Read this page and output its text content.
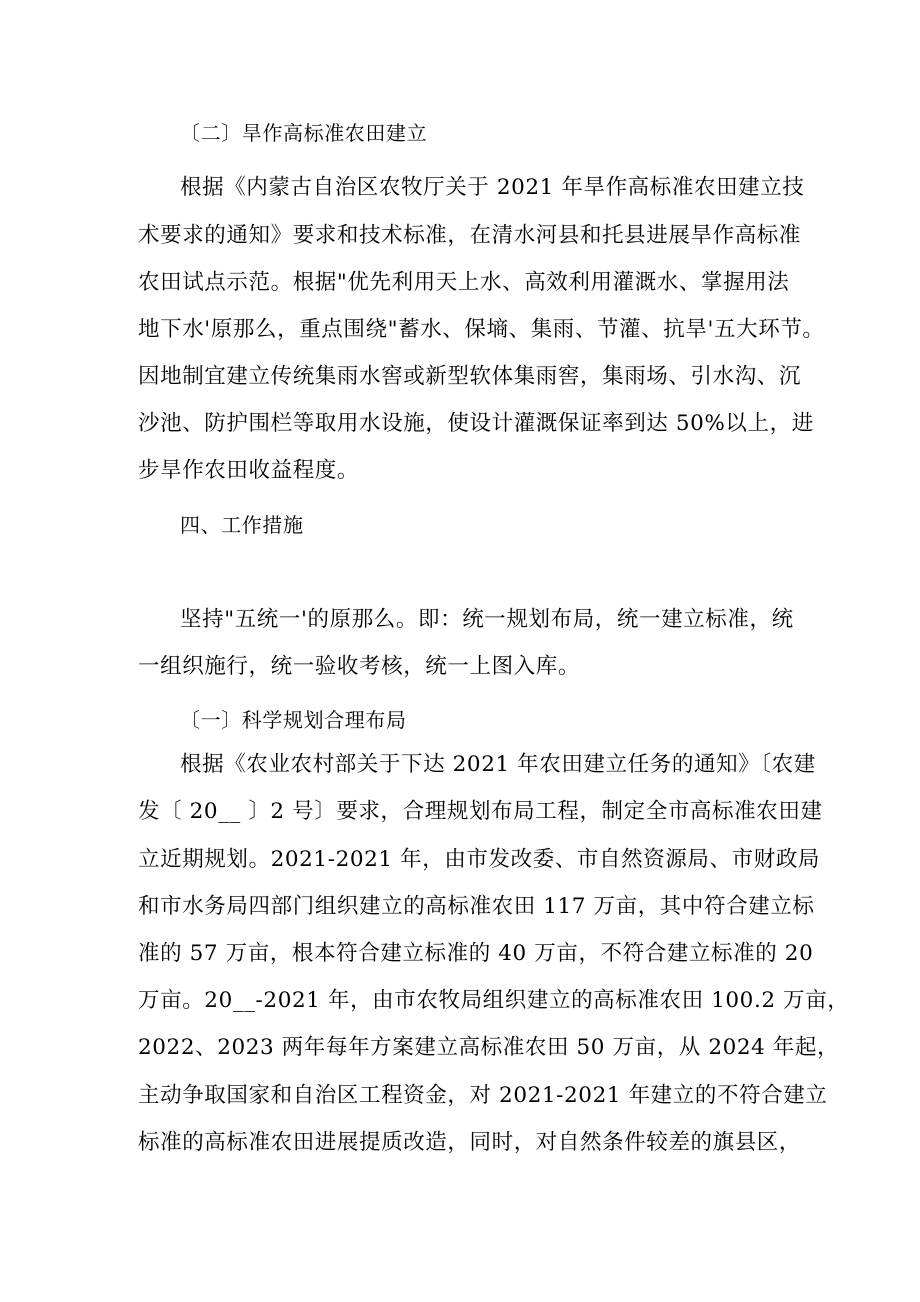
〔二〕旱作高标准农田建立
根据《内蒙古自治区农牧厅关于 2021 年旱作高标准农田建立技
术要求的通知》要求和技术标准，在清水河县和托县进展旱作高标准
农田试点示范。根据"优先利用天上水、高效利用灌溉水、掌握用法
地下水'原那么，重点围绕"蓄水、保墒、集雨、节灌、抗旱'五大环节。
因地制宜建立传统集雨水窖或新型软体集雨窖，集雨场、引水沟、沉
沙池、防护围栏等取用水设施，使设计灌溉保证率到达 50%以上，进
步旱作农田收益程度。
四、工作措施
坚持"五统一'的原那么。即：统一规划布局，统一建立标准，统
一组织施行，统一验收考核，统一上图入库。
〔一〕科学规划合理布局
根据《农业农村部关于下达 2021 年农田建立任务的通知》〔农建
发〔 20__ 〕2 号〕要求，合理规划布局工程，制定全市高标准农田建
立近期规划。2021-2021 年，由市发改委、市自然资源局、市财政局
和市水务局四部门组织建立的高标准农田 117 万亩，其中符合建立标
准的 57 万亩，根本符合建立标准的 40 万亩，不符合建立标准的 20
万亩。20__-2021 年，由市农牧局组织建立的高标准农田 100.2 万亩，
2022、2023 两年每年方案建立高标准农田 50 万亩，从 2024 年起，
主动争取国家和自治区工程资金，对 2021-2021 年建立的不符合建立
标准的高标准农田进展提质改造，同时，对自然条件较差的旗县区，
